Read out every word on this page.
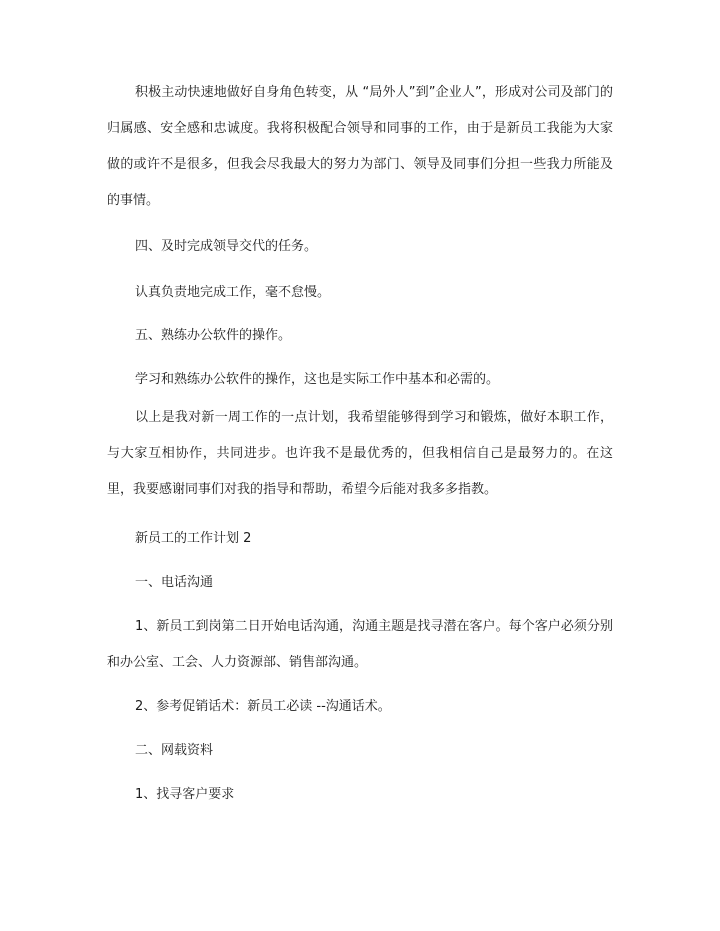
积极主动快速地做好自身角色转变，从 “局外人”到”企业人”，形成对公司及部门的归属感、安全感和忠诚度。我将积极配合领导和同事的工作，由于是新员工我能为大家做的或许不是很多，但我会尽我最大的努力为部门、领导及同事们分担一些我力所能及的事情。

四、及时完成领导交代的任务。
认真负责地完成工作，毫不怠慢。
五、熟练办公软件的操作。
学习和熟练办公软件的操作，这也是实际工作中基本和必需的。

以上是我对新一周工作的一点计划，我希望能够得到学习和锻炼，做好本职工作，与大家互相协作，共同进步。也许我不是最优秀的，但我相信自己是最努力的。在这里，我要感谢同事们对我的指导和帮助，希望今后能对我多多指教。

新员工的工作计划 2
一、电话沟通

1、新员工到岗第二日开始电话沟通，沟通主题是找寻潜在客户。每个客户必须分别和办公室、工会、人力资源部、销售部沟通。

2、参考促销话术：新员工必读 --沟通话术。
二、网载资料
1、找寻客户要求
